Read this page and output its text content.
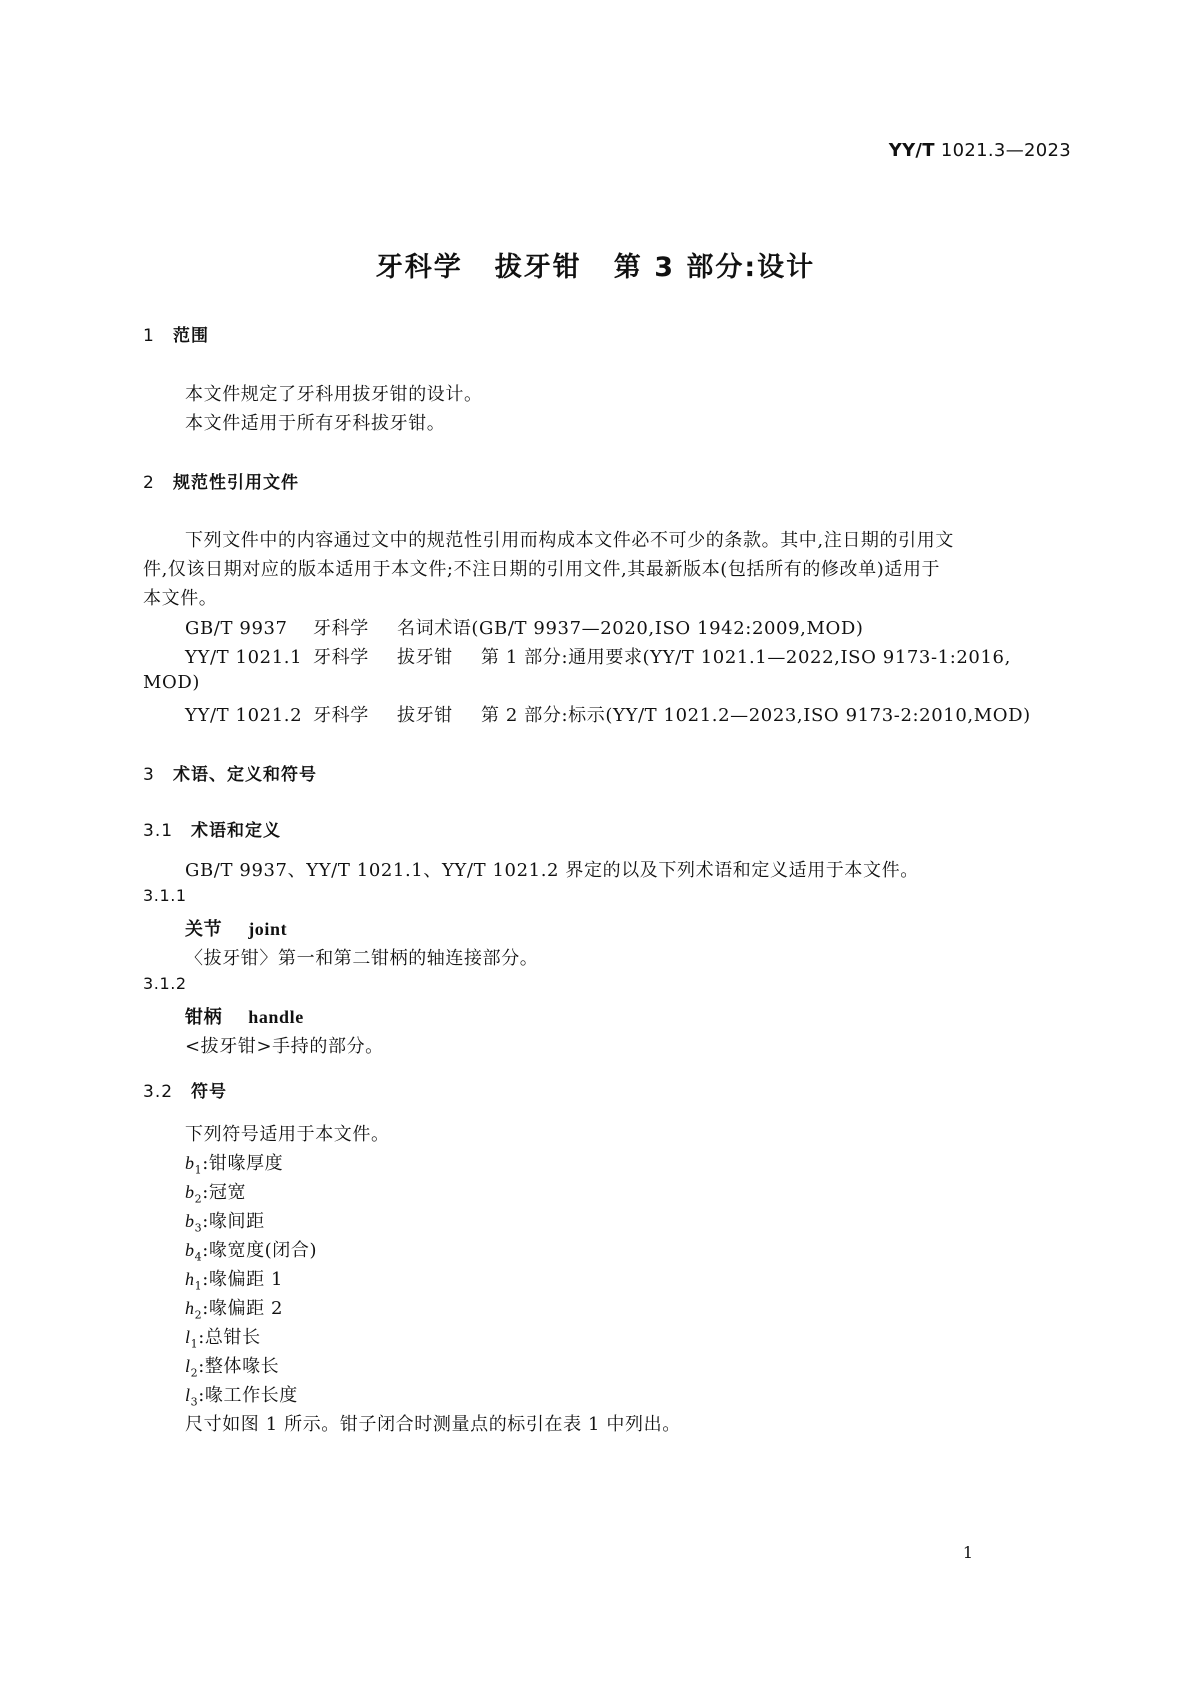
YY/T 1021.3—2023
牙科学 拔牙钳 第 3 部分:设计
1 范围
本文件规定了牙科用拔牙钳的设计。
本文件适用于所有牙科拔牙钳。
2 规范性引用文件
下列文件中的内容通过文中的规范性引用而构成本文件必不可少的条款。其中,注日期的引用文
件,仅该日期对应的版本适用于本文件;不注日期的引用文件,其最新版本(包括所有的修改单)适用于
本文件。
GB/T 9937 牙科学 名词术语(GB/T 9937—2020,ISO 1942:2009,MOD)
YY/T 1021.1 牙科学 拔牙钳 第 1 部分:通用要求(YY/T 1021.1—2022,ISO 9173-1:2016,
MOD)
YY/T 1021.2 牙科学 拔牙钳 第 2 部分:标示(YY/T 1021.2—2023,ISO 9173-2:2010,MOD)
3 术语、定义和符号
3.1 术语和定义
GB/T 9937、YY/T 1021.1、YY/T 1021.2 界定的以及下列术语和定义适用于本文件。
3.1.1
关节 joint
〈拔牙钳〉第一和第二钳柄的轴连接部分。
3.1.2
钳柄 handle
<拔牙钳>手持的部分。
3.2 符号
下列符号适用于本文件。
$b_1$:钳喙厚度
$b_2$:冠宽
$b_3$:喙间距
$b_4$:喙宽度(闭合)
$h_1$:喙偏距 1
$h_2$:喙偏距 2
$l_1$:总钳长
$l_2$:整体喙长
$l_3$:喙工作长度
尺寸如图 1 所示。钳子闭合时测量点的标引在表 1 中列出。
1
